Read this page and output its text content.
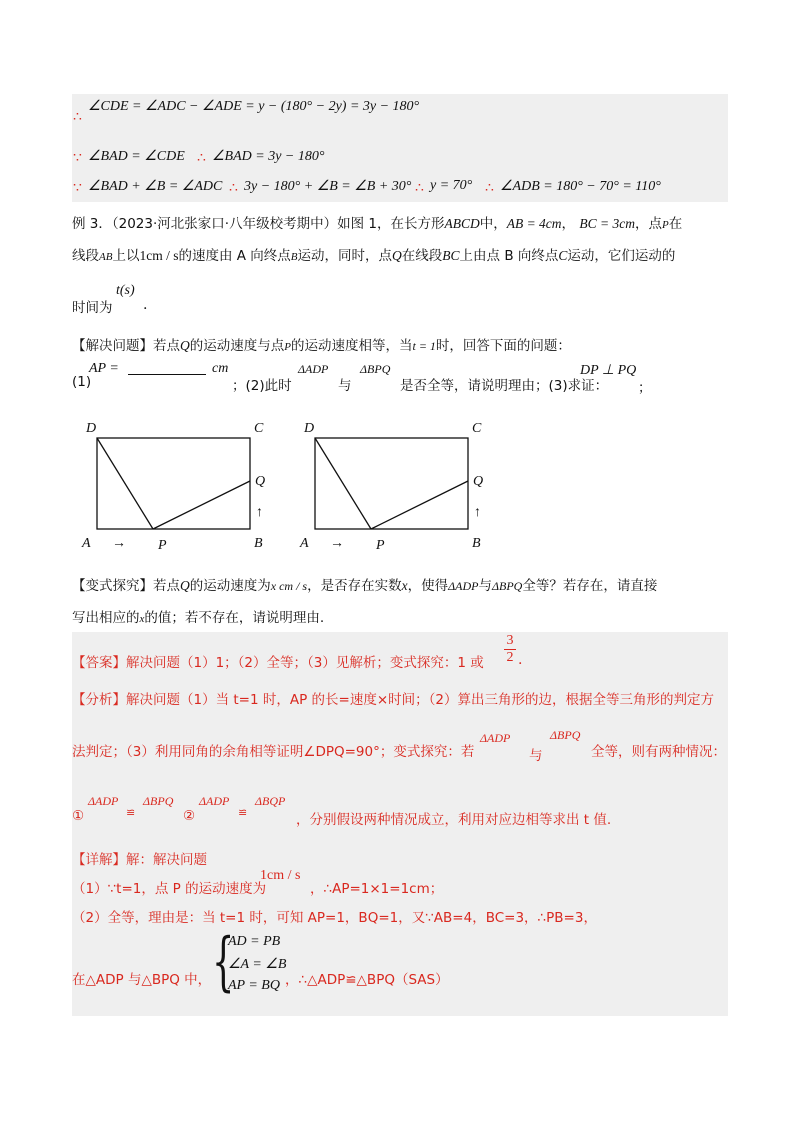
∴
∠CDE = ∠ADC − ∠ADE = y − (180° − 2y) = 3y − 180°
∵ ∠BAD = ∠CDE ∴ ∠BAD = 3y − 180°
∵ ∠BAD + ∠B = ∠ADC ∴ 3y − 180° + ∠B = ∠B + 30° ∴ y = 70° ∴ ∠ADB = 180° − 70° = 110°
例 3．（2023·河北张家口·八年级校考期中）如图 1，在长方形ABCD中，AB = 4cm， BC = 3cm，点P在
线段AB上以1cm / s的速度由 A 向终点B运动，同时，点Q在线段BC上由点 B 向终点C运动，它们运动的
时间为
t(s)
.
【解决问题】若点Q的运动速度与点P的运动速度相等，当t = 1时，回答下面的问题：
(1)
AP =	cm
；(2)此时
ΔADP
与
ΔBPQ
是否全等，请说明理由；(3)求证：
DP ⊥ PQ
；
D	C
Q
↑
A → P	B
D	C
Q
↑
A → P	B
【变式探究】若点Q的运动速度为x cm / s，是否存在实数x，使得ΔADP与ΔBPQ全等？若存在，请直接
写出相应的x的值；若不存在，请说明理由.
【答案】解决问题（1）1；（2）全等；（3）见解析；变式探究：1 或
3
2 .
【分析】解决问题（1）当 t=1 时，AP 的长=速度×时间；（2）算出三角形的边，根据全等三角形的判定方
法判定；（3）利用同角的余角相等证明∠DPQ=90°；变式探究：若
ΔADP
与
ΔBPQ
全等，则有两种情况：
①
ΔADP
≌
ΔBPQ
②
ΔADP
≌
ΔBQP
，分别假设两种情况成立，利用对应边相等求出 t 值.
【详解】解：解决问题
（1）∵t=1，点 P 的运动速度为
1cm / s
，∴AP=1×1=1cm；
（2）全等，理由是：当 t=1 时，可知 AP=1，BQ=1，又∵AB=4，BC=3，∴PB=3，
在△ADP 与△BPQ 中， {
AD = PB
∠A = ∠B
AP = BQ ，∴△ADP≌△BPQ（SAS）
